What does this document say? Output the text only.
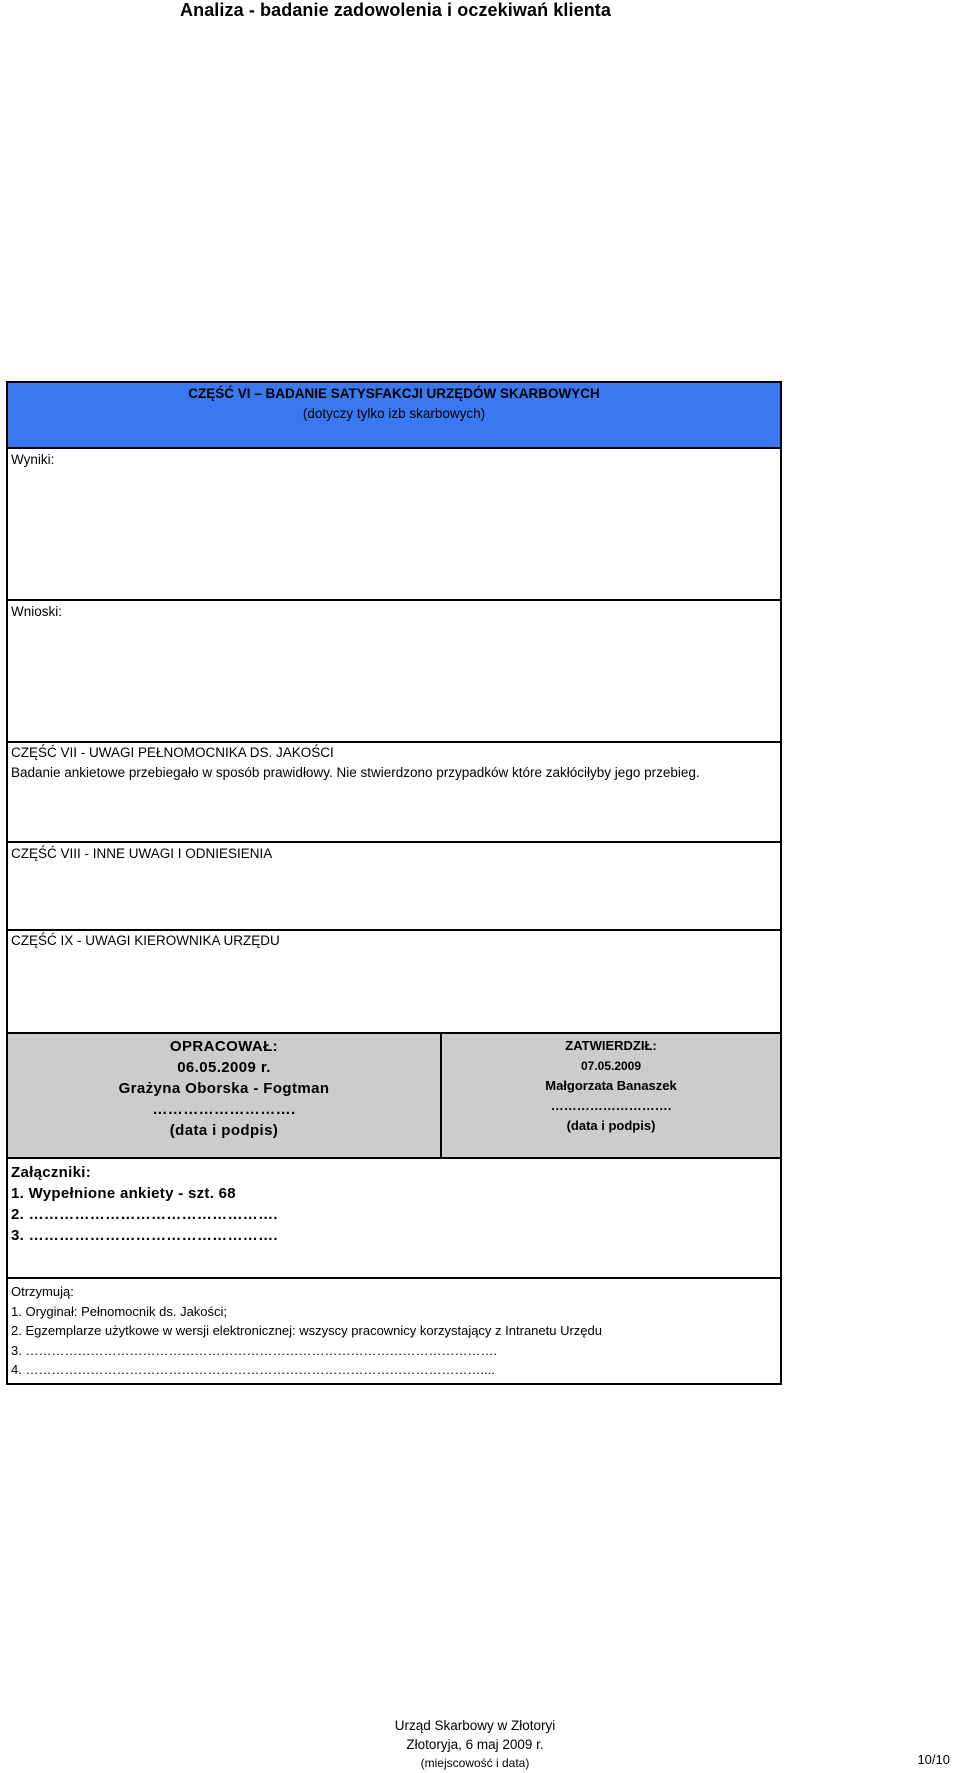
Analiza - badanie zadowolenia i oczekiwań klienta
CZĘŚĆ VI – BADANIE SATYSFAKCJI URZĘDÓW SKARBOWYCH
(dotyczy tylko izb skarbowych)
Wyniki:
Wnioski:
CZĘŚĆ VII - UWAGI PEŁNOMOCNIKA DS. JAKOŚCI
Badanie ankietowe przebiegało w sposób prawidłowy. Nie stwierdzono przypadków które zakłóciłyby jego przebieg.
CZĘŚĆ VIII - INNE UWAGI I ODNIESIENIA
CZĘŚĆ IX - UWAGI KIEROWNIKA URZĘDU
OPRACOWAŁ:
06.05.2009 r.
Grażyna Oborska - Fogtman
……………………….
(data i podpis)
ZATWIERDZIŁ:
07.05.2009
Małgorzata Banaszek
……………………….
(data i podpis)
Załączniki:
1. Wypełnione ankiety - szt. 68
2. ………………………………………….
3. ………………………………………….
Otrzymują:
1. Oryginał: Pełnomocnik ds. Jakości;
2. Egzemplarze użytkowe w wersji elektronicznej: wszyscy pracownicy korzystający z Intranetu Urzędu
3. ……………………………………………………………………………………………….
4. ……………………………………………………………………………………………....
Urząd Skarbowy w Złotoryi
Złotoryja, 6 maj 2009 r.
(miejscowość i data)	10/10
